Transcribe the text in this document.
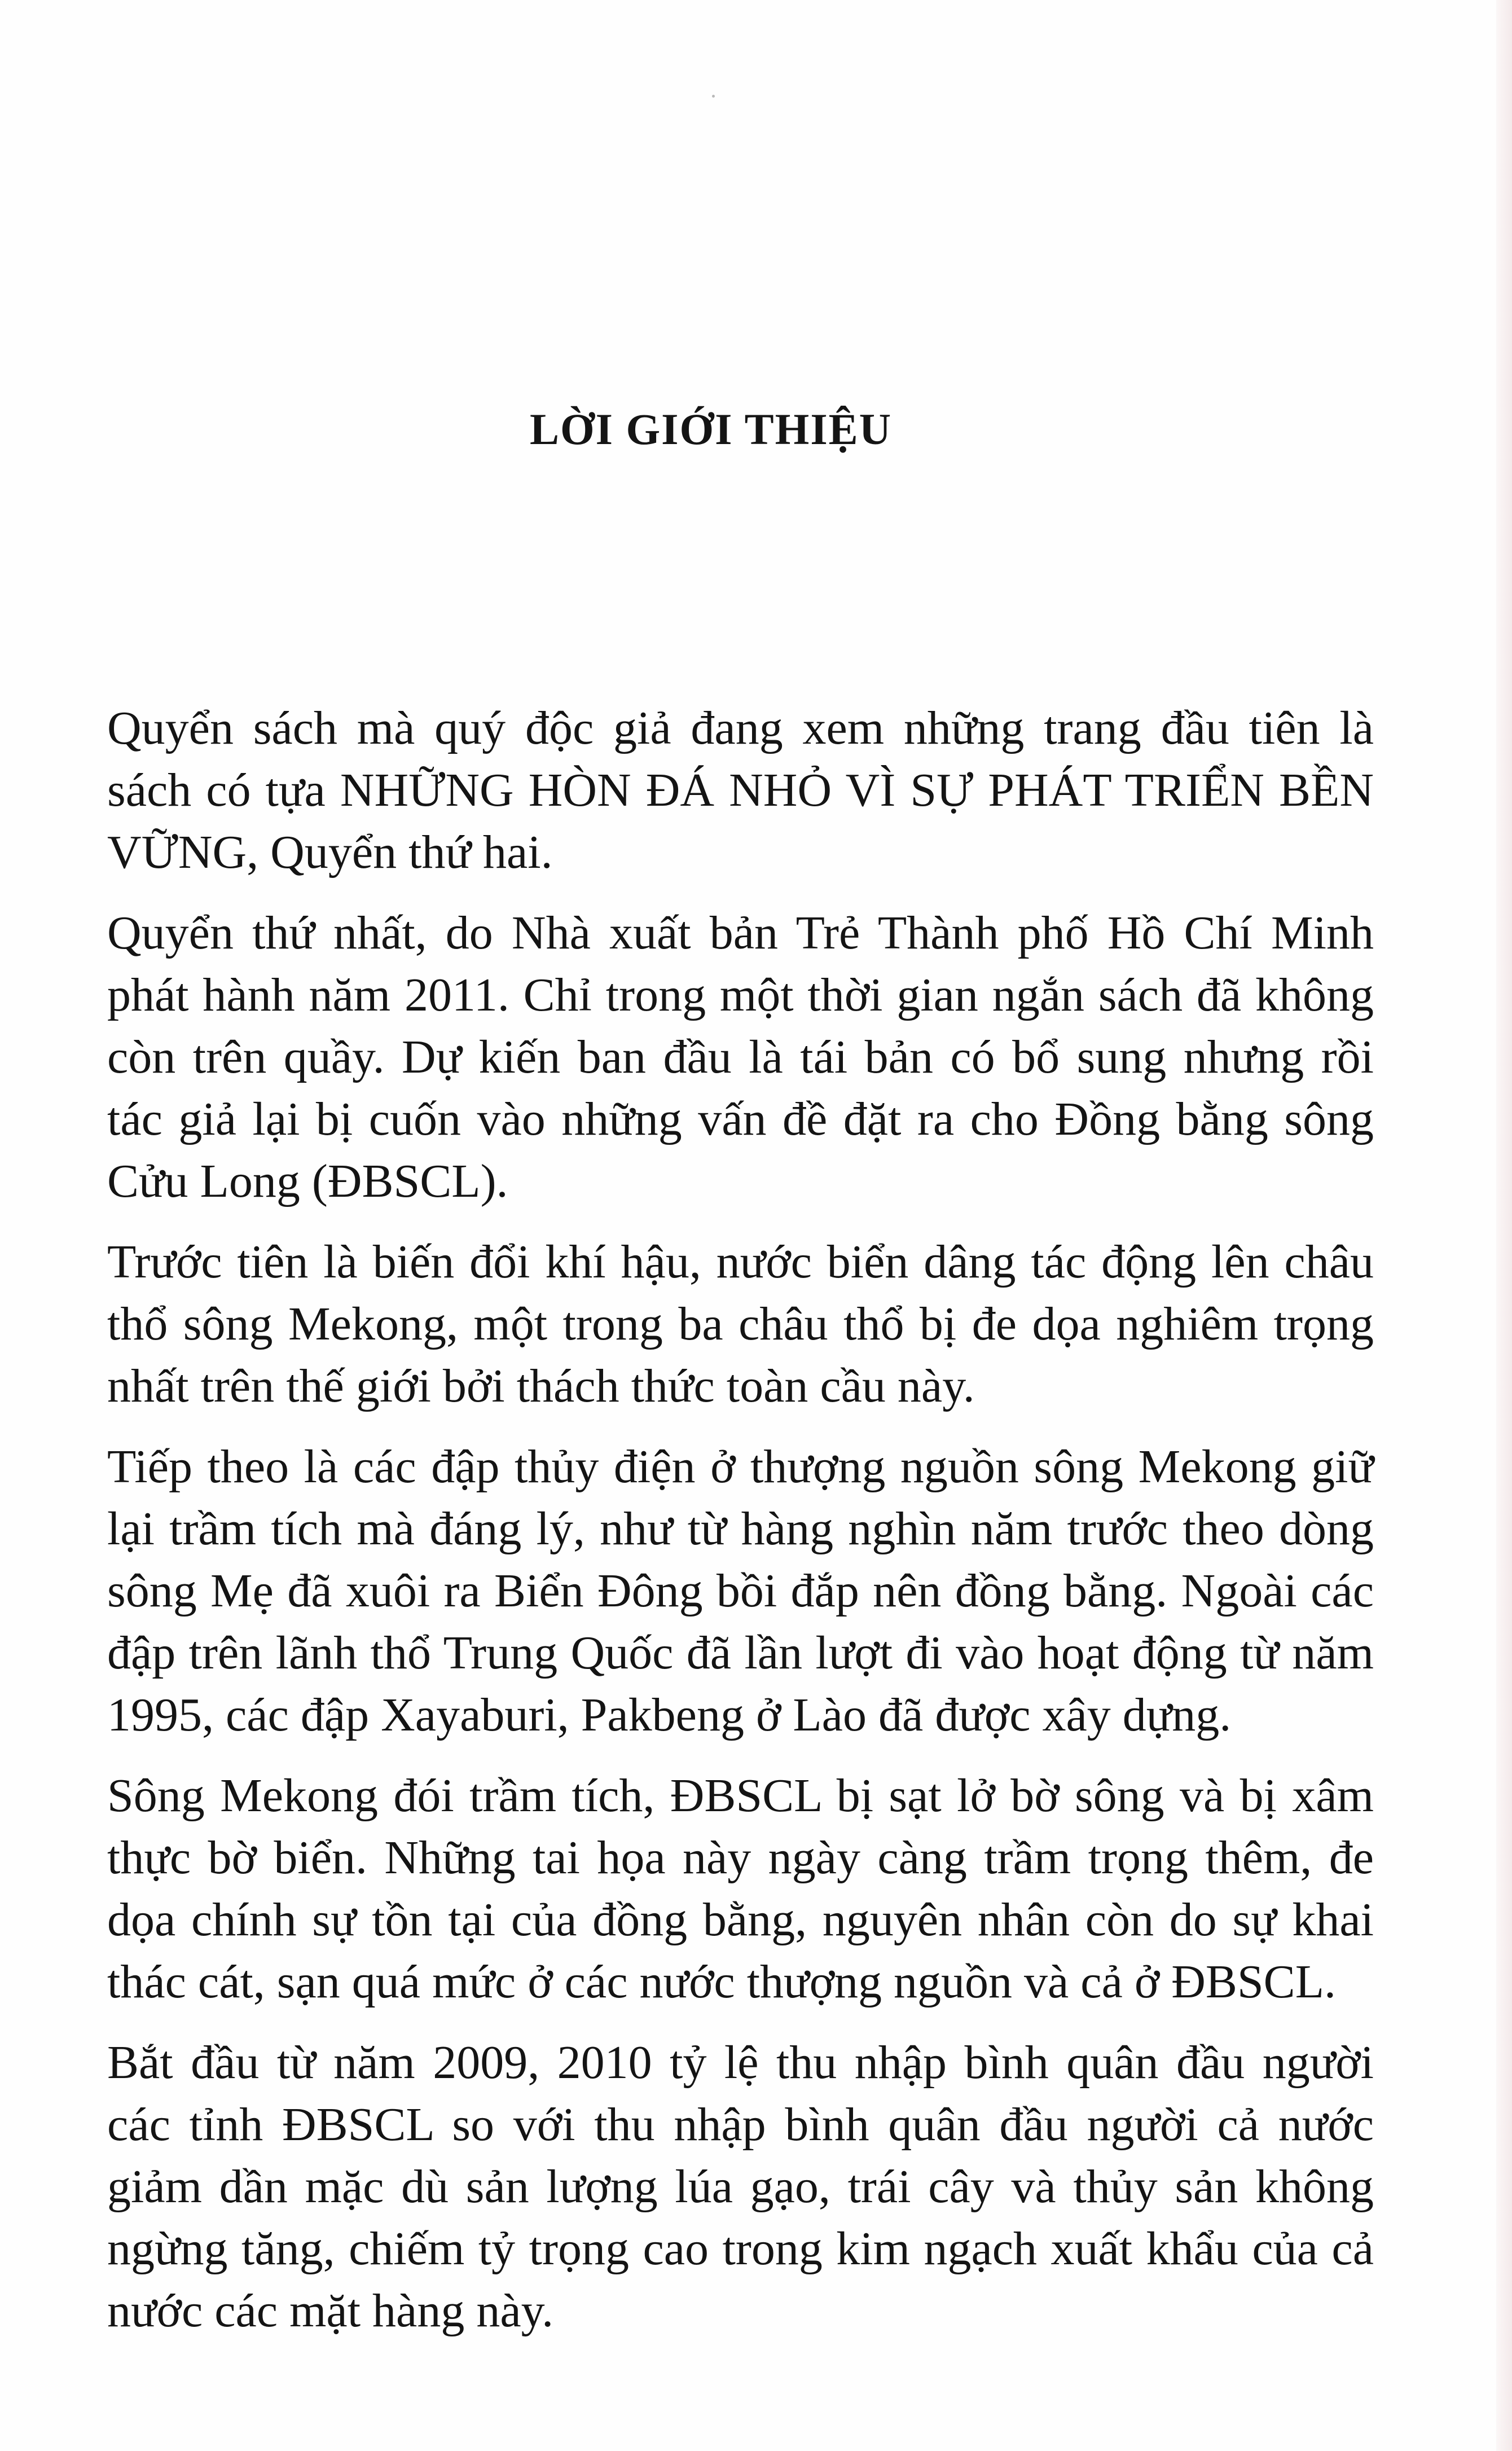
LỜI GIỚI THIỆU

Quyển sách mà quý độc giả đang xem những trang đầu tiên là
sách có tựa NHỮNG HÒN ĐÁ NHỎ VÌ SỰ PHÁT TRIỂN BỀN
VỮNG, Quyển thứ hai.

Quyển thứ nhất, do Nhà xuất bản Trẻ Thành phố Hồ Chí Minh
phát hành năm 2011. Chỉ trong một thời gian ngắn sách đã không
còn trên quầy. Dự kiến ban đầu là tái bản có bổ sung nhưng rồi
tác giả lại bị cuốn vào những vấn đề đặt ra cho Đồng bằng sông
Cửu Long (ĐBSCL).

Trước tiên là biến đổi khí hậu, nước biển dâng tác động lên châu
thổ sông Mekong, một trong ba châu thổ bị đe dọa nghiêm trọng
nhất trên thế giới bởi thách thức toàn cầu này.

Tiếp theo là các đập thủy điện ở thượng nguồn sông Mekong giữ
lại trầm tích mà đáng lý, như từ hàng nghìn năm trước theo dòng
sông Mẹ đã xuôi ra Biển Đông bồi đắp nên đồng bằng. Ngoài các
đập trên lãnh thổ Trung Quốc đã lần lượt đi vào hoạt động từ năm
1995, các đập Xayaburi, Pakbeng ở Lào đã được xây dựng.

Sông Mekong đói trầm tích, ĐBSCL bị sạt lở bờ sông và bị xâm
thực bờ biển. Những tai họa này ngày càng trầm trọng thêm, đe
dọa chính sự tồn tại của đồng bằng, nguyên nhân còn do sự khai
thác cát, sạn quá mức ở các nước thượng nguồn và cả ở ĐBSCL.

Bắt đầu từ năm 2009, 2010 tỷ lệ thu nhập bình quân đầu người
các tỉnh ĐBSCL so với thu nhập bình quân đầu người cả nước
giảm dần mặc dù sản lượng lúa gạo, trái cây và thủy sản không
ngừng tăng, chiếm tỷ trọng cao trong kim ngạch xuất khẩu của cả
nước các mặt hàng này.
